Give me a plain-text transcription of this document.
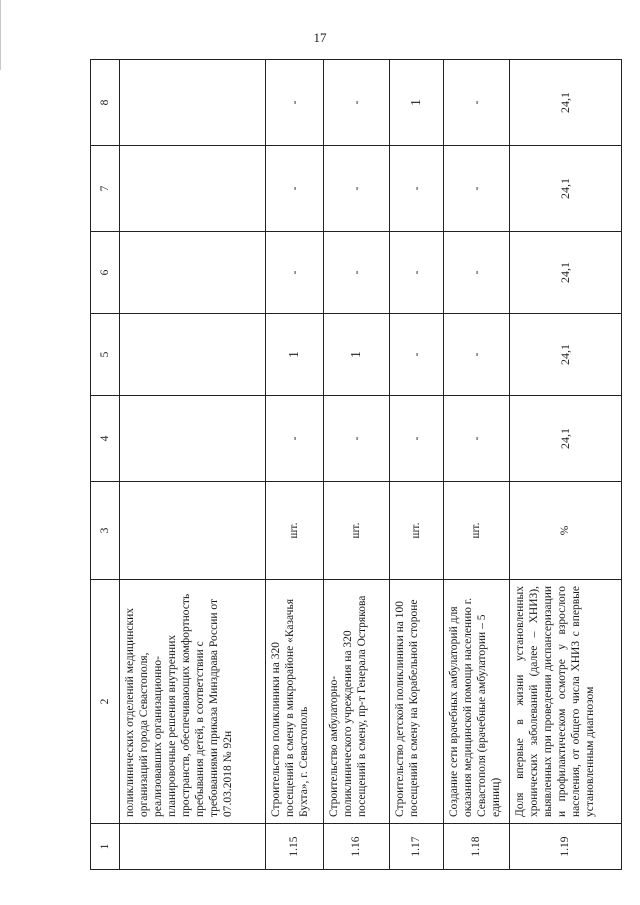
17
1	2	3	4	5	6	7	8
	поликлинических отделений медицинских организаций города Севастополя, реализовавших организационно-планировочные решения внутренних пространств, обеспечивающих комфортность пребывания детей, в соответствии с требованиями приказа Минздрава России от 07.03.2018 № 92н						
1.15	Строительство поликлиники на 320 посещений в смену в микрорайоне «Казачья Бухта», г. Севастополь	шт.	-	1	-	-	-
1.16	Строительство амбулаторно-поликлинического учреждения на 320 посещений в смену, пр-т Генерала Острякова	шт.	-	1	-	-	-
1.17	Строительство детской поликлиники на 100 посещений в смену на Корабельной стороне	шт.	-	-	-	-	1
1.18	Создание сети врачебных амбулаторий для оказания медицинской помощи населению г. Севастополя (врачебные амбулатории – 5 единиц)	шт.	-	-	-	-	-
1.19	Доля впервые в жизни установленных хронических заболеваний (далее – ХНИЗ), выявленных при проведении диспансеризации и профилактическом осмотре у взрослого населения, от общего числа ХНИЗ с впервые установленным диагнозом	%	24,1	24,1	24,1	24,1	24,1
